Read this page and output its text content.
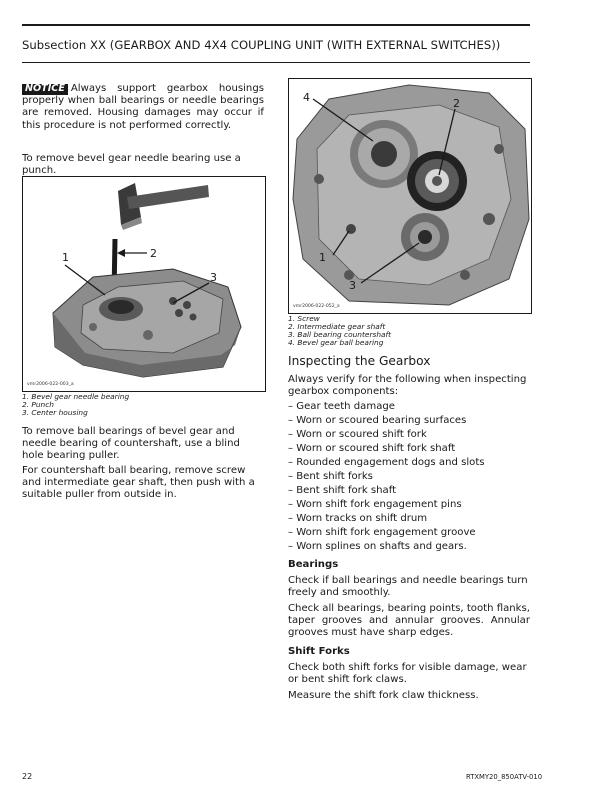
Subsection XX (GEARBOX AND 4X4 COUPLING UNIT (WITH EXTERNAL SWITCHES))

NOTICE Always support gearbox housings properly when ball bearings or needle bearings are removed. Housing damages may occur if this procedure is not performed correctly.

To remove bevel gear needle bearing use a punch.

1	2
3
vmr2006-022-003_a
1. Bevel gear needle bearing
2. Punch
3. Center housing

To remove ball bearings of bevel gear and needle bearing of countershaft, use a blind hole bearing puller.

For countershaft ball bearing, remove screw and intermediate gear shaft, then push with a suitable puller from outside in.

4	2
1
3
vmr2006-022-052_a
1. Screw
2. Intermediate gear shaft
3. Ball bearing countershaft
4. Bevel gear ball bearing
Inspecting the Gearbox

Always verify for the following when inspecting gearbox components:

– Gear teeth damage
– Worn or scoured bearing surfaces
– Worn or scoured shift fork
– Worn or scoured shift fork shaft
– Rounded engagement dogs and slots
– Bent shift forks
– Bent shift fork shaft
– Worn shift fork engagement pins
– Worn tracks on shift drum
– Worn shift fork engagement groove
– Worn splines on shafts and gears.
Bearings

Check if ball bearings and needle bearings turn freely and smoothly.

Check all bearings, bearing points, tooth flanks, taper grooves and annular grooves. Annular grooves must have sharp edges.

Shift Forks

Check both shift forks for visible damage, wear or bent shift fork claws.

Measure the shift fork claw thickness.

22	RTXMY20_850ATV-010
